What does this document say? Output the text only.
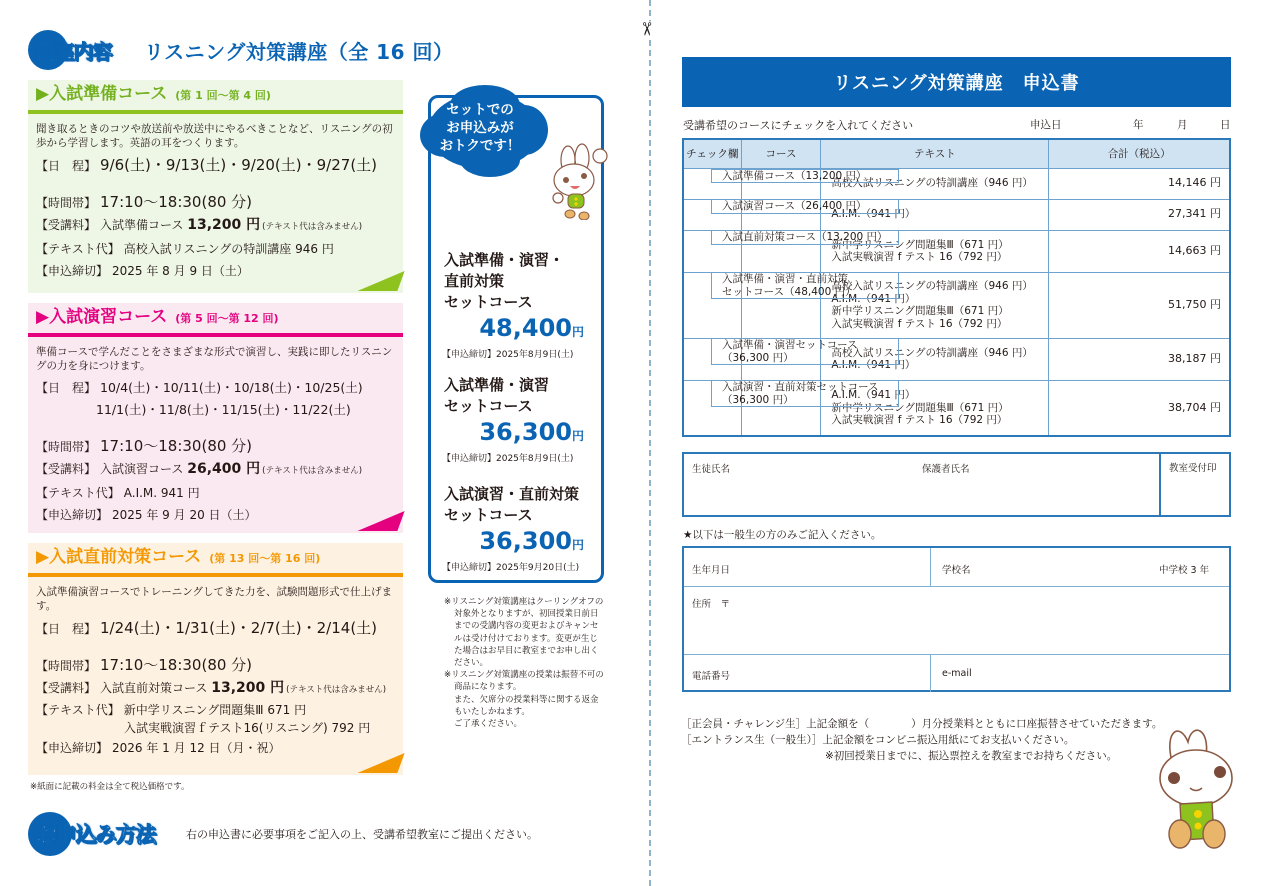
✂
講座内容 リスニング対策講座（全 16 回）
▶入試準備コース (第 1 回〜第 4 回)
聞き取るときのコツや放送前や放送中にやるべきことなど、リスニングの初歩から学習します。英語の耳をつくります。
【日　程】 9/6(土)・9/13(土)・9/20(土)・9/27(土)
【時間帯】 17:10〜18:30(80 分)
【受講料】 入試準備コース
13,200 円 (テキスト代は含みません)
【テキスト代】 高校入試リスニングの特訓講座 946 円
【申込締切】 2025 年 8 月 9 日（土）
▶入試演習コース (第 5 回〜第 12 回)
準備コースで学んだことをさまざまな形式で演習し、実践に即したリスニングの力を身につけます。
【日　程】 10/4(土)・10/11(土)・10/18(土)・10/25(土)
11/1(土)・11/8(土)・11/15(土)・11/22(土)
【時間帯】 17:10〜18:30(80 分)
【受講料】 入試演習コース
26,400 円 (テキスト代は含みません)
【テキスト代】 A.I.M. 941 円
【申込締切】 2025 年 9 月 20 日（土）
▶入試直前対策コース (第 13 回〜第 16 回)
入試準備演習コースでトレーニングしてきた力を、試験問題形式で仕上げます。
【日　程】 1/24(土)・1/31(土)・2/7(土)・2/14(土)
【時間帯】 17:10〜18:30(80 分)
【受講料】 入試直前対策コース
13,200 円 (テキスト代は含みません)
【テキスト代】 新中学リスニング問題集Ⅲ 671 円
入試実戦演習ｆテスト16(リスニング) 792 円
【申込締切】 2026 年 1 月 12 日（月・祝）
※紙面に記載の料金は全て税込価格です。
セットでの
お申込みが
おトクです！
入試準備・演習・
直前対策
セットコース
48,400円
【申込締切】2025年8月9日(土)
入試準備・演習
セットコース
36,300円
【申込締切】2025年8月9日(土)
入試演習・直前対策
セットコース
36,300円
【申込締切】2025年9月20日(土)

※リスニング対策講座はクーリングオフの対象外となりますが、初回授業日前日までの受講内容の変更およびキャンセルは受け付けております。変更が生じた場合はお早目に教室までお申し出ください。

※リスニング対策講座の授業は振替不可の商品になります。

また、欠席分の授業料等に関する返金もいたしかねます。

ご了承ください。

お申込み方法	右の申込書に必要事項をご記入の上、受講希望教室にご提出ください。
リスニング対策講座　申込書
受講希望のコースにチェックを入れてください	申込日	年	月	日
チェック欄	コース	テキスト	合計（税込）

入試準備コース（13,200 円）
高校入試リスニングの特訓講座（946 円）	14,146 円

入試演習コース（26,400 円）
A.I.M.（941 円）	27,341 円

入試直前対策コース（13,200 円）
新中学リスニング問題集Ⅲ（671 円）
入試実戦演習 f テスト 16（792 円）	14,663 円

入試準備・演習・直前対策
セットコース（48,400 円）
高校入試リスニングの特訓講座（946 円）
A.I.M.（941 円）
新中学リスニング問題集Ⅲ（671 円）
入試実戦演習 f テスト 16（792 円）
	51,750 円

入試準備・演習セットコース
（36,300 円）	高校入試リスニングの特訓講座（946 円）
A.I.M.（941 円）
	38,187 円

入試演習・直前対策セットコース
（36,300 円）	A.I.M.（941 円）
新中学リスニング問題集Ⅲ（671 円）
入試実戦演習 f テスト 16（792 円）
	38,704 円
生徒氏名	保護者氏名	教室受付印
★以下は一般生の方のみご記入ください。
生年月日	学校名	中学校 3 年
住所　〒
電話番号	e-mail
［正会員・チャレンジ生］上記金額を（　　　　）月分授業料とともに口座振替させていただきます。
［エントランス生（一般生）］上記金額をコンビニ振込用紙にてお支払いください。
※初回授業日までに、振込票控えを教室までお持ちください。
